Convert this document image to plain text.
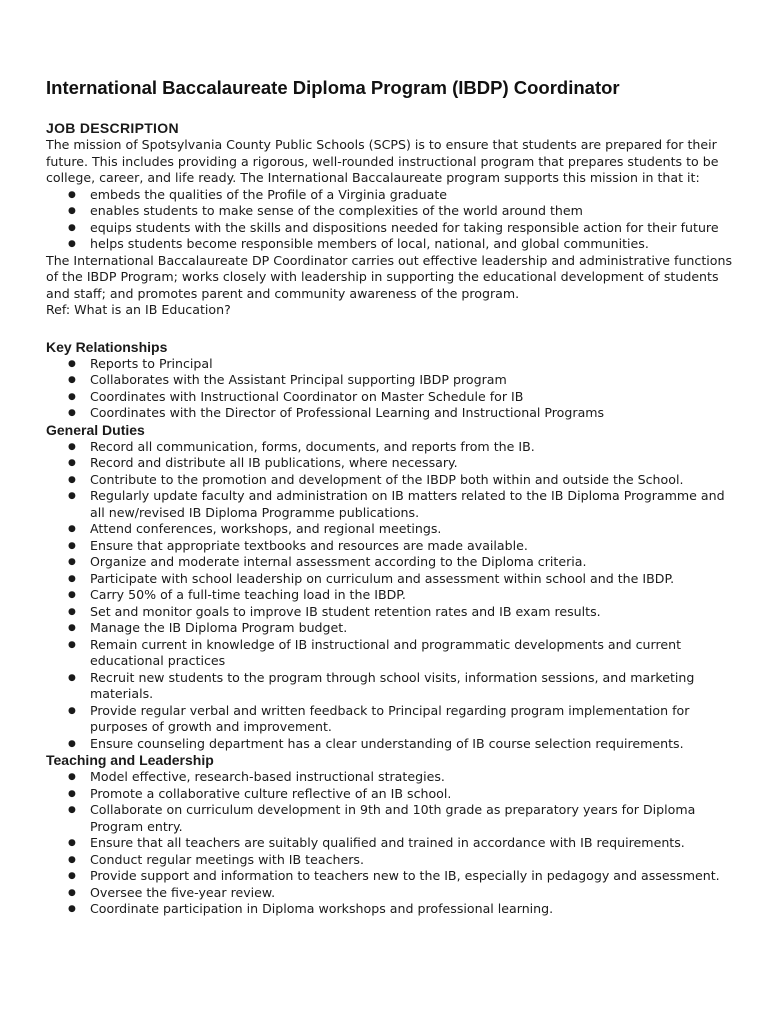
International Baccalaureate Diploma Program (IBDP) Coordinator
JOB DESCRIPTION

The mission of Spotsylvania County Public Schools (SCPS) is to ensure that students are prepared for their future. This includes providing a rigorous, well-rounded instructional program that prepares students to be college, career, and life ready. The International Baccalaureate program supports this mission in that it:

● embeds the qualities of the Profile of a Virginia graduate
● enables students to make sense of the complexities of the world around them
● equips students with the skills and dispositions needed for taking responsible action for their future
● helps students become responsible members of local, national, and global communities.

The International Baccalaureate DP Coordinator carries out effective leadership and administrative functions of the IBDP Program; works closely with leadership in supporting the educational development of students and staff; and promotes parent and community awareness of the program.

Ref: What is an IB Education?

Key Relationships
● Reports to Principal
● Collaborates with the Assistant Principal supporting IBDP program
● Coordinates with Instructional Coordinator on Master Schedule for IB
● Coordinates with the Director of Professional Learning and Instructional Programs
General Duties
● Record all communication, forms, documents, and reports from the IB.
● Record and distribute all IB publications, where necessary.
● Contribute to the promotion and development of the IBDP both within and outside the School.
● Regularly update faculty and administration on IB matters related to the IB Diploma Programme and all new/revised IB Diploma Programme publications.
● Attend conferences, workshops, and regional meetings.
● Ensure that appropriate textbooks and resources are made available.
● Organize and moderate internal assessment according to the Diploma criteria.
● Participate with school leadership on curriculum and assessment within school and the IBDP.
● Carry 50% of a full-time teaching load in the IBDP.
● Set and monitor goals to improve IB student retention rates and IB exam results.
● Manage the IB Diploma Program budget.
● Remain current in knowledge of IB instructional and programmatic developments and current educational practices
● Recruit new students to the program through school visits, information sessions, and marketing materials.
● Provide regular verbal and written feedback to Principal regarding program implementation for purposes of growth and improvement.
● Ensure counseling department has a clear understanding of IB course selection requirements.
Teaching and Leadership
● Model effective, research-based instructional strategies.
● Promote a collaborative culture reflective of an IB school.
● Collaborate on curriculum development in 9th and 10th grade as preparatory years for Diploma Program entry.
● Ensure that all teachers are suitably qualified and trained in accordance with IB requirements.
● Conduct regular meetings with IB teachers.
● Provide support and information to teachers new to the IB, especially in pedagogy and assessment.
● Oversee the five-year review.
● Coordinate participation in Diploma workshops and professional learning.
